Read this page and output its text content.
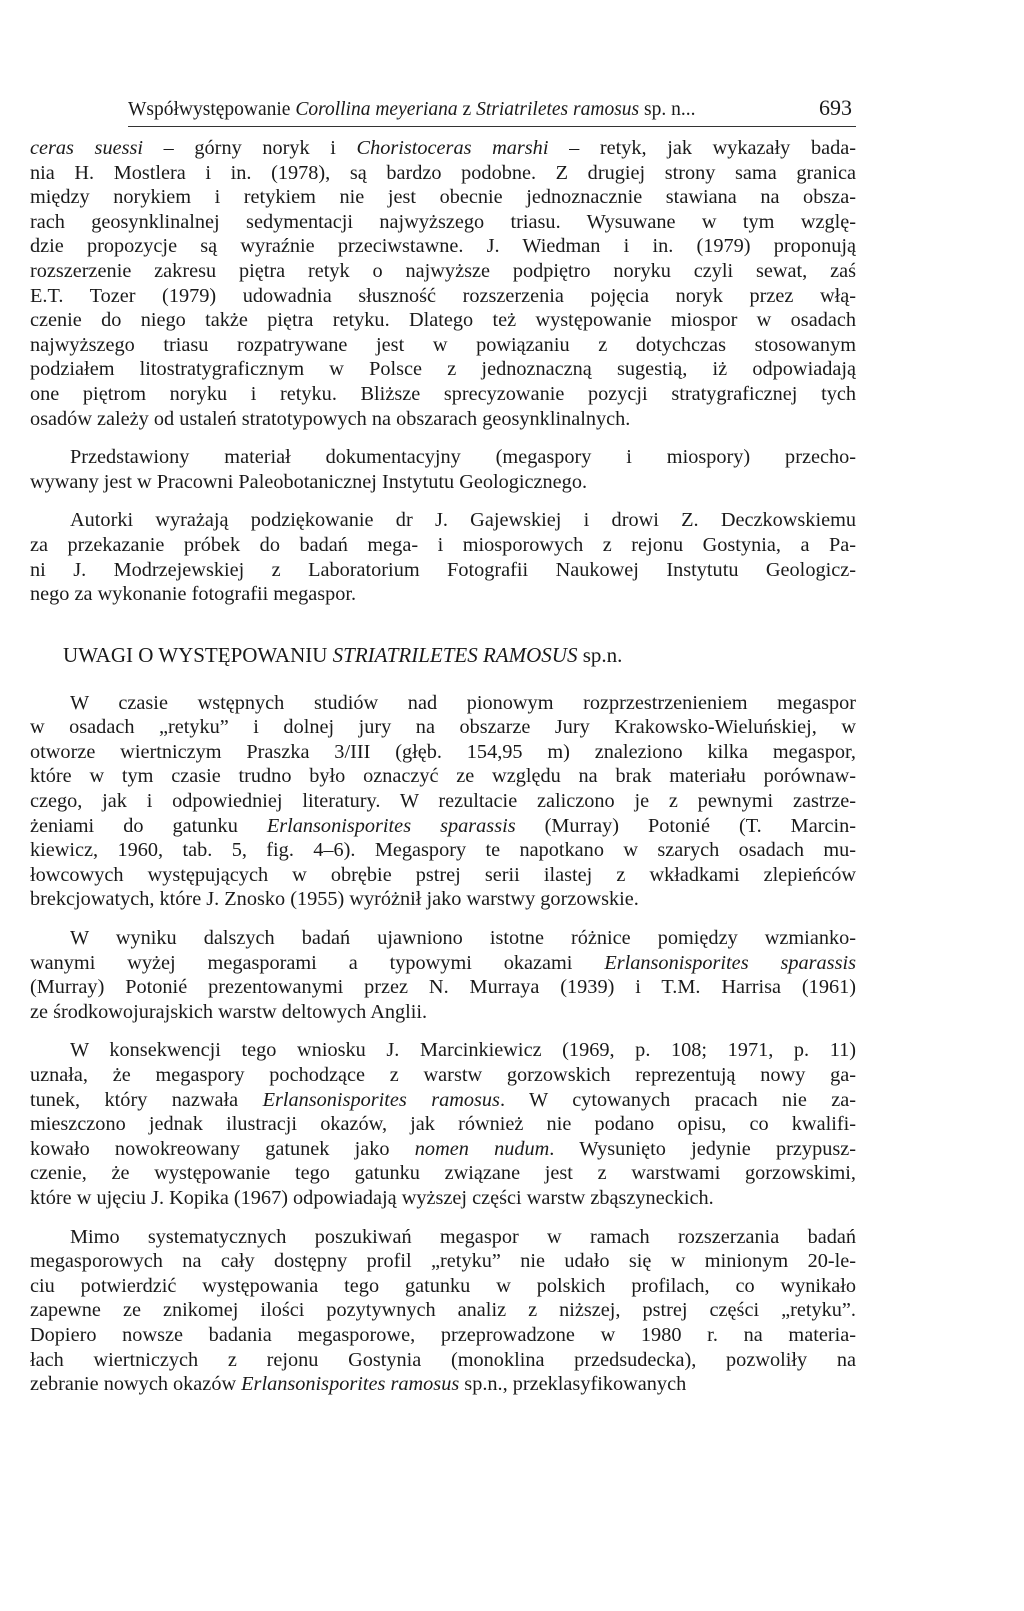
Współwystępowanie Corollina meyeriana z Striatriletes ramosus sp. n...	693
ceras suessi – górny noryk i Choristoceras marshi – retyk, jak wykazały bada-
nia H. Mostlera i in. (1978), są bardzo podobne. Z drugiej strony sama granica
między norykiem i retykiem nie jest obecnie jednoznacznie stawiana na obsza-
rach geosynklinalnej sedymentacji najwyższego triasu. Wysuwane w tym wzglę-
dzie propozycje są wyraźnie przeciwstawne. J. Wiedman i in. (1979) proponują
rozszerzenie zakresu piętra retyk o najwyższe podpiętro noryku czyli sewat, zaś
E.T. Tozer (1979) udowadnia słuszność rozszerzenia pojęcia noryk przez włą-
czenie do niego także piętra retyku. Dlatego też występowanie miospor w osadach
najwyższego triasu rozpatrywane jest w powiązaniu z dotychczas stosowanym
podziałem litostratygraficznym w Polsce z jednoznaczną sugestią, iż odpowiadają
one piętrom noryku i retyku. Bliższe sprecyzowanie pozycji stratygraficznej tych
osadów zależy od ustaleń stratotypowych na obszarach geosynklinalnych.
Przedstawiony materiał dokumentacyjny (megaspory i miospory) przecho-
wywany jest w Pracowni Paleobotanicznej Instytutu Geologicznego.
Autorki wyrażają podziękowanie dr J. Gajewskiej i drowi Z. Deczkowskiemu
za przekazanie próbek do badań mega- i miosporowych z rejonu Gostynia, a Pa-
ni J. Modrzejewskiej z Laboratorium Fotografii Naukowej Instytutu Geologicz-
nego za wykonanie fotografii megaspor.
UWAGI O WYSTĘPOWANIU STRIATRILETES RAMOSUS sp.n.
W czasie wstępnych studiów nad pionowym rozprzestrzenieniem megaspor
w osadach „retyku” i dolnej jury na obszarze Jury Krakowsko-Wieluńskiej, w
otworze wiertniczym Praszka 3/III (głęb. 154,95 m) znaleziono kilka megaspor,
które w tym czasie trudno było oznaczyć ze względu na brak materiału porównaw-
czego, jak i odpowiedniej literatury. W rezultacie zaliczono je z pewnymi zastrze-
żeniami do gatunku Erlansonisporites sparassis (Murray) Potonié (T. Marcin-
kiewicz, 1960, tab. 5, fig. 4–6). Megaspory te napotkano w szarych osadach mu-
łowcowych występujących w obrębie pstrej serii ilastej z wkładkami zlepieńców
brekcjowatych, które J. Znosko (1955) wyróżnił jako warstwy gorzowskie.
W wyniku dalszych badań ujawniono istotne różnice pomiędzy wzmianko-
wanymi wyżej megasporami a typowymi okazami Erlansonisporites sparassis
(Murray) Potonié prezentowanymi przez N. Murraya (1939) i T.M. Harrisa (1961)
ze środkowojurajskich warstw deltowych Anglii.
W konsekwencji tego wniosku J. Marcinkiewicz (1969, p. 108; 1971, p. 11)
uznała, że megaspory pochodzące z warstw gorzowskich reprezentują nowy ga-
tunek, który nazwała Erlansonisporites ramosus. W cytowanych pracach nie za-
mieszczono jednak ilustracji okazów, jak również nie podano opisu, co kwalifi-
kowało nowokreowany gatunek jako nomen nudum. Wysunięto jedynie przypusz-
czenie, że występowanie tego gatunku związane jest z warstwami gorzowskimi,
które w ujęciu J. Kopika (1967) odpowiadają wyższej części warstw zbąszyneckich.
Mimo systematycznych poszukiwań megaspor w ramach rozszerzania badań
megasporowych na cały dostępny profil „retyku” nie udało się w minionym 20-le-
ciu potwierdzić występowania tego gatunku w polskich profilach, co wynikało
zapewne ze znikomej ilości pozytywnych analiz z niższej, pstrej części „retyku”.
Dopiero nowsze badania megasporowe, przeprowadzone w 1980 r. na materia-
łach wiertniczych z rejonu Gostynia (monoklina przedsudecka), pozwoliły na
zebranie nowych okazów Erlansonisporites ramosus sp.n., przeklasyfikowanych
